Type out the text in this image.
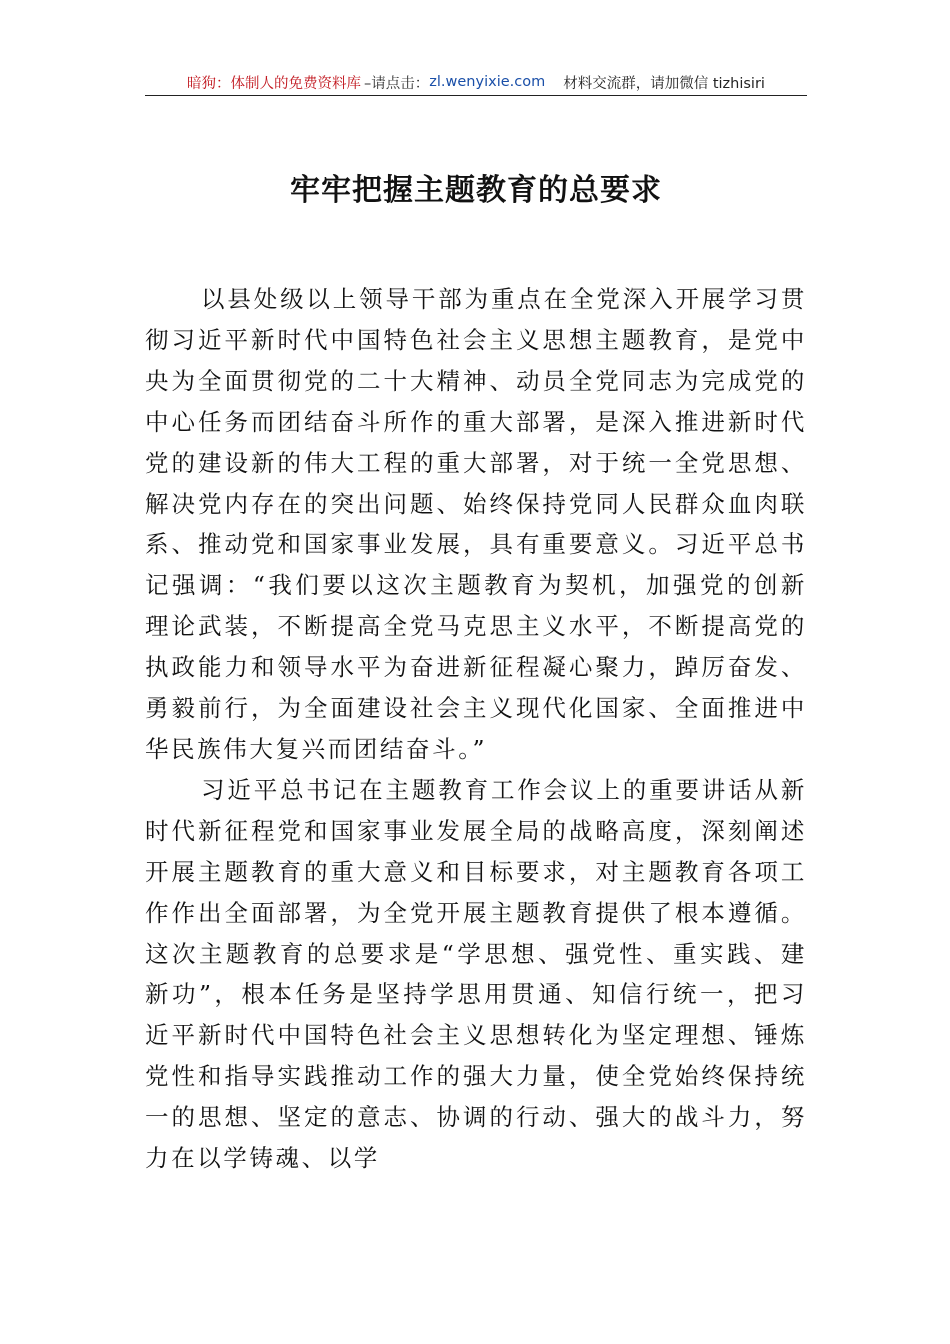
暗狗：体制人的免费资料库 –请点击： zl.wenyixie.com 材料交流群，请加微信 tizhisiri
牢牢把握主题教育的总要求

以县处级以上领导干部为重点在全党深入开展学习贯彻习近平新时代中国特色社会主义思想主题教育，是党中央为全面贯彻党的二十大精神、动员全党同志为完成党的中心任务而团结奋斗所作的重大部署，是深入推进新时代党的建设新的伟大工程的重大部署，对于统一全党思想、解决党内存在的突出问题、始终保持党同人民群众血肉联系、推动党和国家事业发展，具有重要意义。习近平总书记强调：“我们要以这次主题教育为契机，加强党的创新理论武装，不断提高全党马克思主义水平，不断提高党的执政能力和领导水平为奋进新征程凝心聚力，踔厉奋发、勇毅前行，为全面建设社会主义现代化国家、全面推进中华民族伟大复兴而团结奋斗。”

习近平总书记在主题教育工作会议上的重要讲话从新时代新征程党和国家事业发展全局的战略高度，深刻阐述开展主题教育的重大意义和目标要求，对主题教育各项工作作出全面部署，为全党开展主题教育提供了根本遵循。这次主题教育的总要求是“学思想、强党性、重实践、建新功”，根本任务是坚持学思用贯通、知信行统一，把习近平新时代中国特色社会主义思想转化为坚定理想、锤炼党性和指导实践推动工作的强大力量，使全党始终保持统一的思想、坚定的意志、协调的行动、强大的战斗力，努力在以学铸魂、以学
